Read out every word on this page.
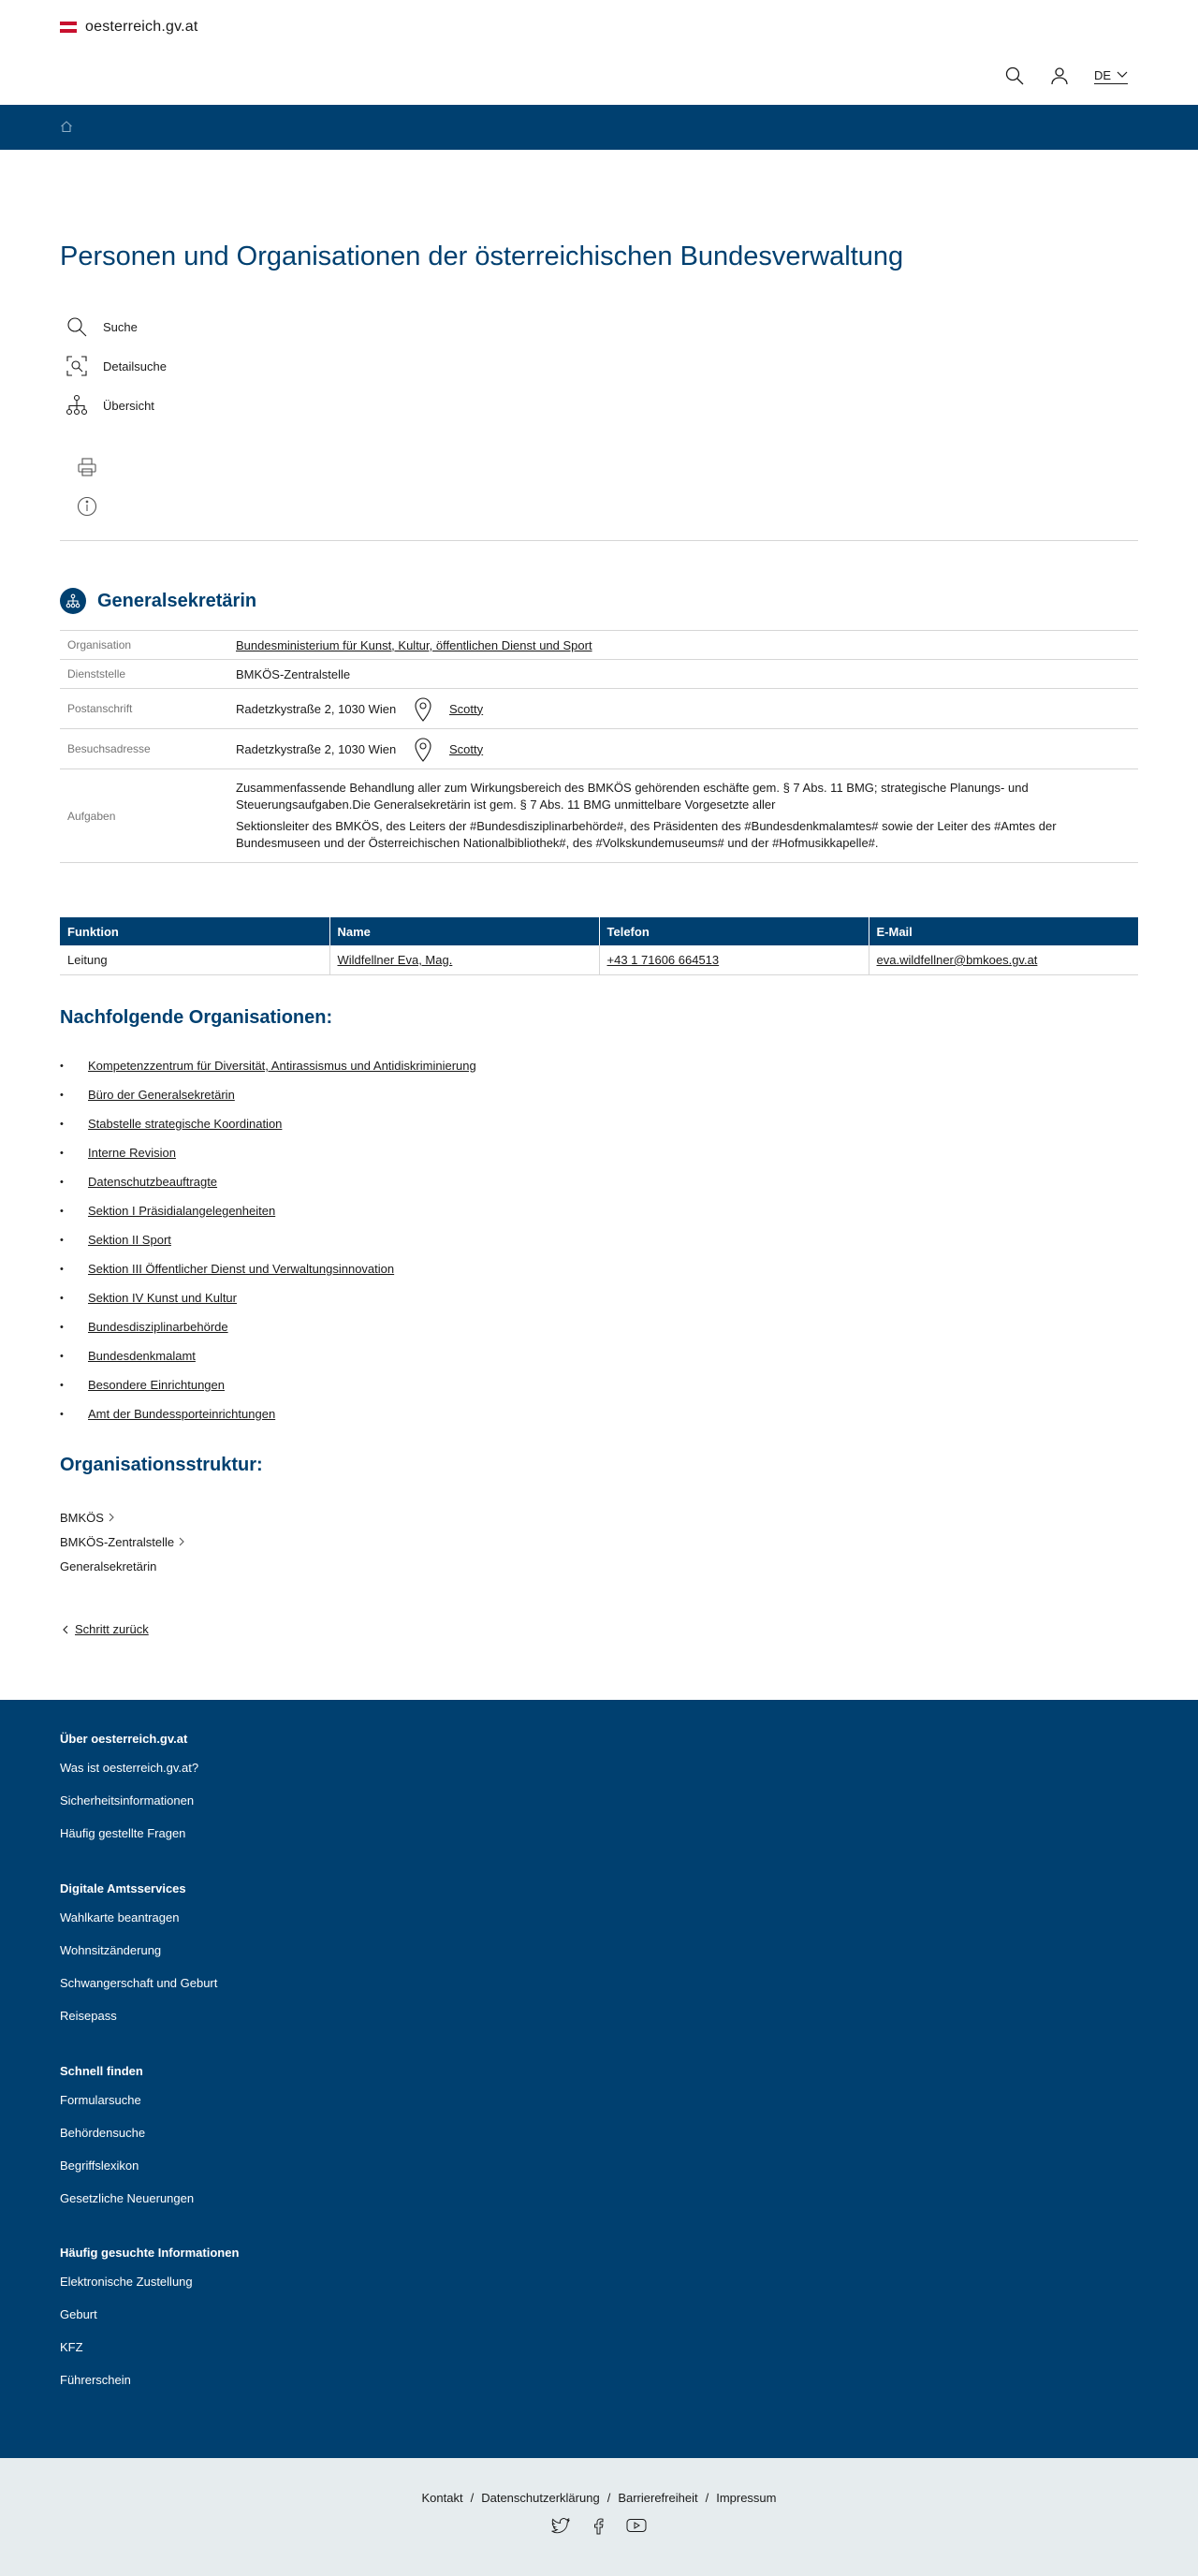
oesterreich.gv.at
DE
Personen und Organisationen der österreichischen Bundesverwaltung
Suche
Detailsuche
Übersicht
Generalsekretärin
Organisation	Bundesministerium für Kunst, Kultur, öffentlichen Dienst und Sport
Dienststelle	BMKÖS-Zentralstelle
Postanschrift	Radetzkystraße 2, 1030 Wien Scotty

Besuchsadresse	Radetzkystraße 2, 1030 Wien Scotty

Aufgaben	Zusammenfassende Behandlung aller zum Wirkungsbereich des BMKÖS gehörenden eschäfte gem. § 7 Abs. 11 BMG; strategische Planungs- und Steuerungsaufgaben.Die Generalsekretärin ist gem. § 7 Abs. 11 BMG unmittelbare Vorgesetzte aller

Sektionsleiter des BMKÖS, des Leiters der #Bundesdisziplinarbehörde#, des Präsidenten des #Bundesdenkmalamtes# sowie der Leiter des #Amtes der Bundesmuseen und der Österreichischen Nationalbibliothek#, des #Volkskundemuseums# und der #Hofmusikkapelle#.

Funktion	Name	Telefon	E-Mail
Leitung	Wildfellner Eva, Mag.	+43 1 71606 664513	eva.wildfellner@bmkoes.gv.at
Nachfolgende Organisationen:
• Kompetenzzentrum für Diversität, Antirassismus und Antidiskriminierung
• Büro der Generalsekretärin
• Stabstelle strategische Koordination
• Interne Revision
• Datenschutzbeauftragte
• Sektion I Präsidialangelegenheiten
• Sektion II Sport
• Sektion III Öffentlicher Dienst und Verwaltungsinnovation
• Sektion IV Kunst und Kultur
• Bundesdisziplinarbehörde
• Bundesdenkmalamt
• Besondere Einrichtungen
• Amt der Bundessporteinrichtungen
Organisationsstruktur:
BMKÖS
BMKÖS-Zentralstelle
Generalsekretärin
Schritt zurück
Über oesterreich.gv.at
Was ist oesterreich.gv.at?
Sicherheitsinformationen
Häufig gestellte Fragen
Digitale Amtsservices
Wahlkarte beantragen
Wohnsitzänderung
Schwangerschaft und Geburt
Reisepass
Schnell finden
Formularsuche
Behördensuche
Begriffslexikon
Gesetzliche Neuerungen
Häufig gesuchte Informationen
Elektronische Zustellung
Geburt
KFZ
Führerschein
Kontakt / Datenschutzerklärung / Barrierefreiheit / Impressum
